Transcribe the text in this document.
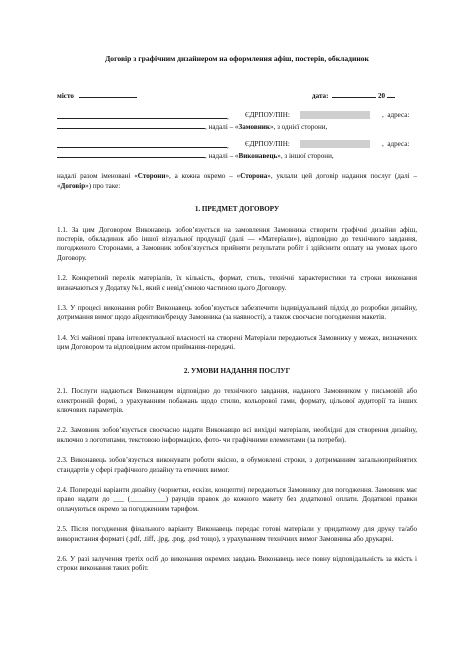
Договір з графічним дизайнером на оформлення афіш, постерів, обкладинок
місто	дата:	20
, ЄДРПОУ/ПІН:	,  адреса:
, надалі – «Замовник», з однієї сторони,
, ЄДРПОУ/ПІН:	,  адреса:
, надалі – «Виконавець», з іншої сторони,

надалі разом іменовані «Сторони», а кожна окремо – «Сторона», уклали цей договір надання послуг (далі – «Договір») про таке:

1. ПРЕДМЕТ ДОГОВОРУ

1.1. За цим Договором Виконавець зобов’язується на замовлення Замовника створити графічні дизайни афіш, постерів, обкладинок або іншої візуальної продукції (далі — «Матеріали»), відповідно до технічного завдання, погодженого Сторонами, а Замовник зобов’язується прийняти результати робіт і здійснити оплату на умовах цього Договору.

1.2. Конкретний перелік матеріалів, їх кількість, формат, стиль, технічні характеристики та строки виконання визначаються у Додатку №1, який є невід’ємною частиною цього Договору.

1.3. У процесі виконання робіт Виконавець зобов’язується забезпечити індивідуальний підхід до розробки дизайну, дотримання вимог щодо айдентики/бренду Замовника (за наявності), а також своєчасне погодження макетів.

1.4. Усі майнові права інтелектуальної власності на створені Матеріали передаються Замовнику у межах, визначених цим Договором та відповідним актом приймання-передачі.

2. УМОВИ НАДАННЯ ПОСЛУГ

2.1. Послуги надаються Виконавцем відповідно до технічного завдання, наданого Замовником у письмовій або електронній формі, з урахуванням побажань щодо стилю, кольорової гами, формату, цільової аудиторії та інших ключових параметрів.

2.2. Замовник зобов’язується своєчасно надати Виконавцю всі вихідні матеріали, необхідні для створення дизайну, включно з логотипами, текстовою інформацією, фото- чи графічними елементами (за потреби).

2.3. Виконавець зобов’язується виконувати роботи якісно, в обумовлені строки, з дотриманням загальноприйнятих стандартів у сфері графічного дизайну та етичних вимог.

2.4. Попередні варіанти дизайну (чорнетки, ескізи, концепти) передаються Замовнику для погодження. Замовник має право надати до ___ (__________) раундів правок до кожного макету без додаткової оплати. Додаткові правки оплачуються окремо за погодженням тарифом.

2.5. Після погодження фінального варіанту Виконавець передає готові матеріали у придатному для друку та/або використання форматі (.pdf, .tiff, .jpg, .png, .psd тощо), з урахуванням технічних вимог Замовника або друкарні.

2.6. У разі залучення третіх осіб до виконання окремих завдань Виконавець несе повну відповідальність за якість і строки виконання таких робіт.
